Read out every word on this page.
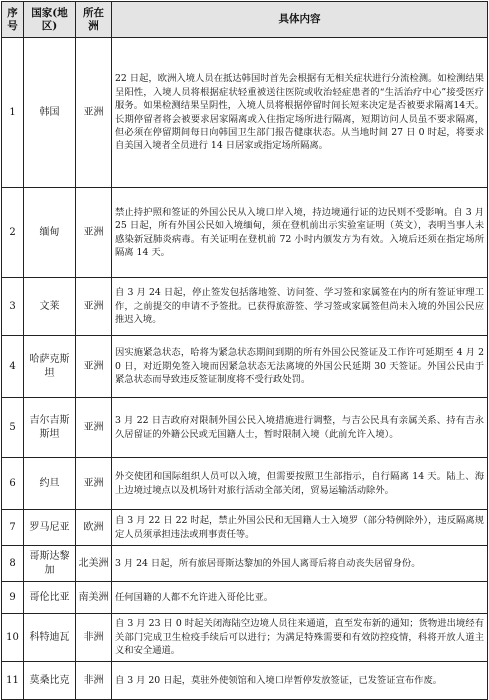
序号	国家(地区)	所在洲	具体内容
1	韩国	亚洲	22 日起，欧洲入境人员在抵达韩国时首先会根据有无相关症状进行分流检测。如检测结果呈阳性，入境人员将根据症状轻重被送往医院或收治轻症患者的“生活治疗中心”接受医疗服务。如果检测结果呈阴性，入境人员将根据停留时间长短来决定是否被要求隔离14天。长期停留者将会被要求居家隔离或入住指定场所进行隔离，短期访问人员虽不要求隔离，但必须在停留期间每日向韩国卫生部门报告健康状态。从当地时间 27 日 0 时起，将要求自美国入境者全员进行 14 日居家或指定场所隔离。
2	缅甸	亚洲	禁止持护照和签证的外国公民从入境口岸入境，持边境通行证的边民则不受影响。自 3 月 25 日起，所有外国公民如入境缅甸，须在登机前出示实验室证明（英文），表明当事人未感染新冠肺炎病毒。有关证明在登机前 72 小时内颁发方为有效。入境后还须在指定场所隔离 14 天。
3	文莱	亚洲	自 3 月 24 日起，停止签发包括落地签、访问签、学习签和家属签在内的所有签证审理工作，之前提交的申请不予签批。已获得旅游签、学习签或家属签但尚未入境的外国公民应推迟入境。
4	哈萨克斯坦	亚洲	因实施紧急状态，哈将为紧急状态期间到期的所有外国公民签证及工作许可延期至 4 月 20 日，对近期免签入境而因紧急状态无法离境的外国公民延期 30 天签证。外国公民由于紧急状态而导致违反签证制度将不受行政处罚。
5	吉尔吉斯斯坦	亚洲	3 月 22 日吉政府对限制外国公民入境措施进行调整，与吉公民具有亲属关系、持有吉永久居留证的外籍公民或无国籍人士，暂时限制入境（此前允许入境）。
6	约旦	亚洲	外交使团和国际组织人员可以入境，但需要按照卫生部指示，自行隔离 14 天。陆上、海上边境过境点以及机场针对旅行活动全部关闭，贸易运输活动除外。
7	罗马尼亚	欧洲	自 3 月 22 日 22 时起，禁止外国公民和无国籍人士入境罗（部分特例除外），违反隔离规定人员须承担违法或刑事责任等。
8	哥斯达黎加	北美洲	3 月 24 日起，所有旅居哥斯达黎加的外国人离哥后将自动丧失居留身份。
9	哥伦比亚	南美洲	任何国籍的人都不允许进入哥伦比亚。
10	科特迪瓦	非洲	自 3 月 23 日 0 时起关闭海陆空边境人员往来通道，直至发布新的通知；货物进出境经有关部门完成卫生检疫手续后可以进行；为满足特殊需要和有效防控疫情，科将开放人道主义和安全通道。
11	莫桑比克	非洲	自 3 月 20 日起，莫驻外使领馆和入境口岸暂停发放签证，已发签证宣布作废。
